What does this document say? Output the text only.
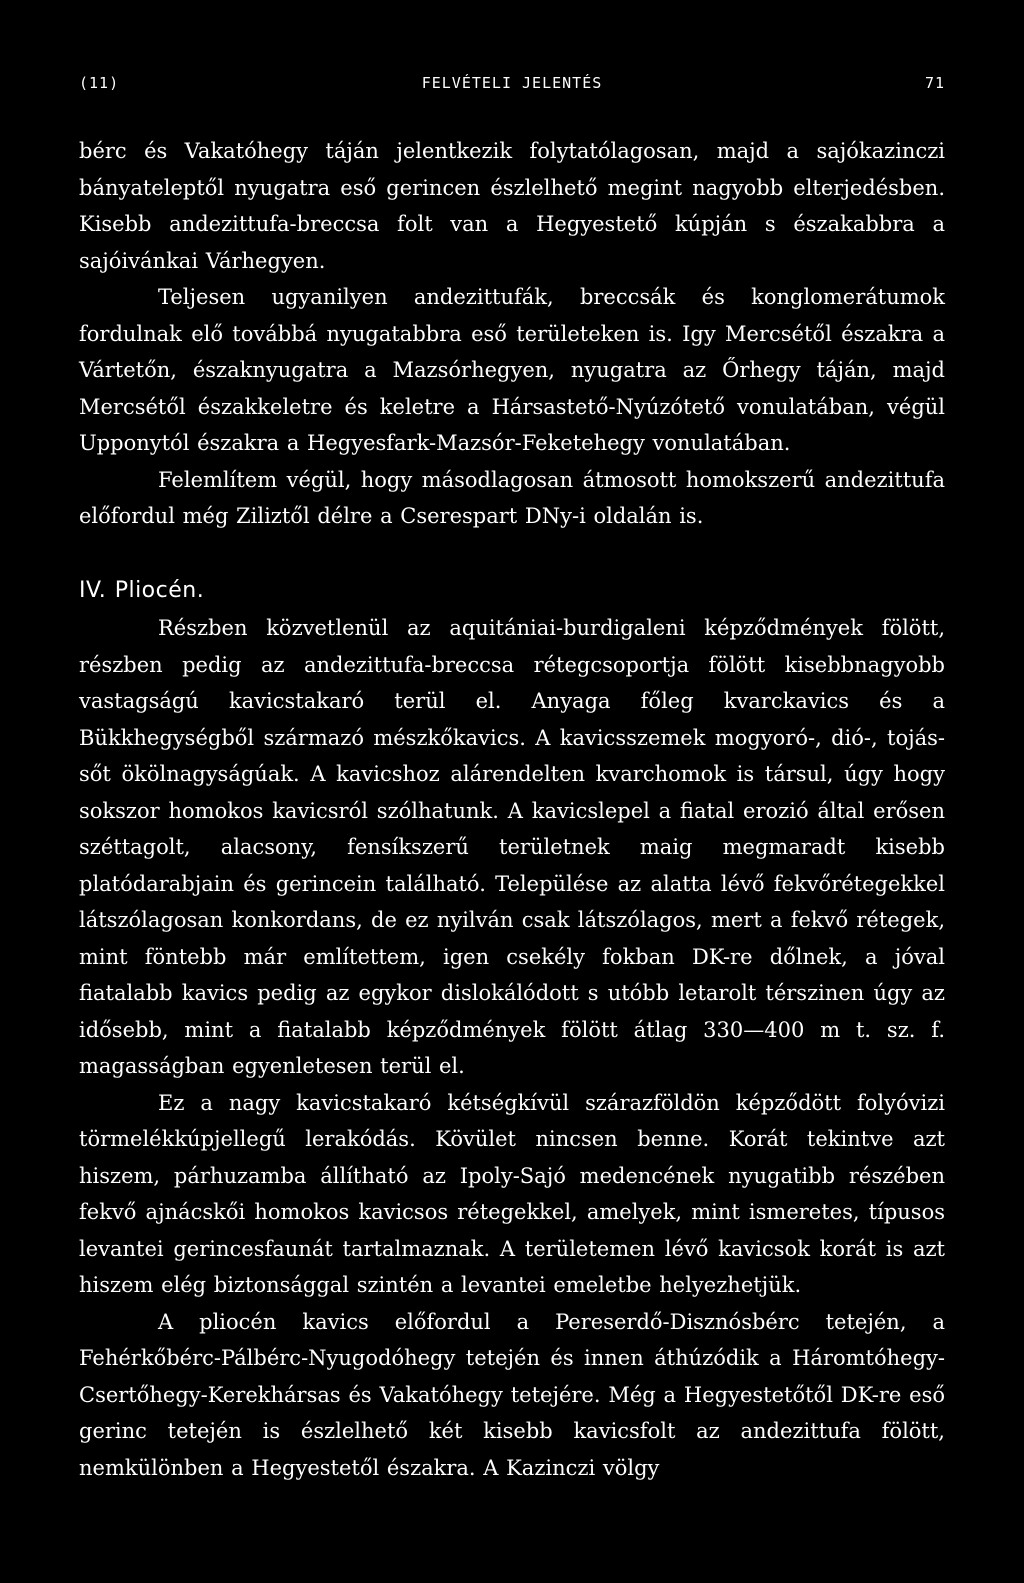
(11)	FELVÉTELI JELENTÉS	71

bérc és Vakatóhegy táján jelentkezik folytatólagosan, majd a sajókazinczi bányateleptől nyugatra eső gerincen észlelhető megint nagyobb elterjedésben. Kisebb andezittufa-breccsa folt van a Hegyestető kúpján s északabbra a sajóivánkai Várhegyen.

Teljesen ugyanilyen andezittufák, breccsák és konglomerátumok fordulnak elő továbbá nyugatabbra eső területeken is. Igy Mercsétől északra a Vártetőn, északnyugatra a Mazsórhegyen, nyugatra az Őrhegy táján, majd Mercsétől északkeletre és keletre a Hársastető-Nyúzótető vonulatában, végül Upponytól északra a Hegyesfark-Mazsór-Feketehegy vonulatában.

Felemlítem végül, hogy másodlagosan átmosott homokszerű andezittufa előfordul még Ziliztől délre a Cserespart DNy-i oldalán is.

IV. Pliocén.

Részben közvetlenül az aquitániai-burdigaleni képződmények fölött, részben pedig az andezittufa-breccsa rétegcsoportja fölött kisebbnagyobb vastagságú kavicstakaró terül el. Anyaga főleg kvarckavics és a Bükkhegységből származó mészkőkavics. A kavicsszemek mogyoró-, dió-, tojás- sőt ökölnagyságúak. A kavicshoz alárendelten kvarchomok is társul, úgy hogy sokszor homokos kavicsról szólhatunk. A kavicslepel a fiatal erozió által erősen széttagolt, alacsony, fensíkszerű területnek maig megmaradt kisebb platódarabjain és gerincein található. Települése az alatta lévő fekvőrétegekkel látszólagosan konkordans, de ez nyilván csak látszólagos, mert a fekvő rétegek, mint föntebb már említettem, igen csekély fokban DK-re dőlnek, a jóval fiatalabb kavics pedig az egykor dislokálódott s utóbb letarolt térszinen úgy az idősebb, mint a fiatalabb képződmények fölött átlag 330—400 m t. sz. f. magasságban egyenletesen terül el.

Ez a nagy kavicstakaró kétségkívül szárazföldön képződött folyóvizi törmelékkúpjellegű lerakódás. Kövület nincsen benne. Korát tekintve azt hiszem, párhuzamba állítható az Ipoly-Sajó medencének nyugatibb részében fekvő ajnácskői homokos kavicsos rétegekkel, amelyek, mint ismeretes, típusos levantei gerincesfaunát tartalmaznak. A területemen lévő kavicsok korát is azt hiszem elég biztonsággal szintén a levantei emeletbe helyezhetjük.

A pliocén kavics előfordul a Pereserdő-Disznósbérc tetején, a Fehérkőbérc-Pálbérc-Nyugodóhegy tetején és innen áthúzódik a Háromtóhegy-Csertőhegy-Kerekhársas és Vakatóhegy tetejére. Még a Hegyestetőtől DK-re eső gerinc tetején is észlelhető két kisebb kavicsfolt az andezittufa fölött, nemkülönben a Hegyestetől északra. A Kazinczi völgy
